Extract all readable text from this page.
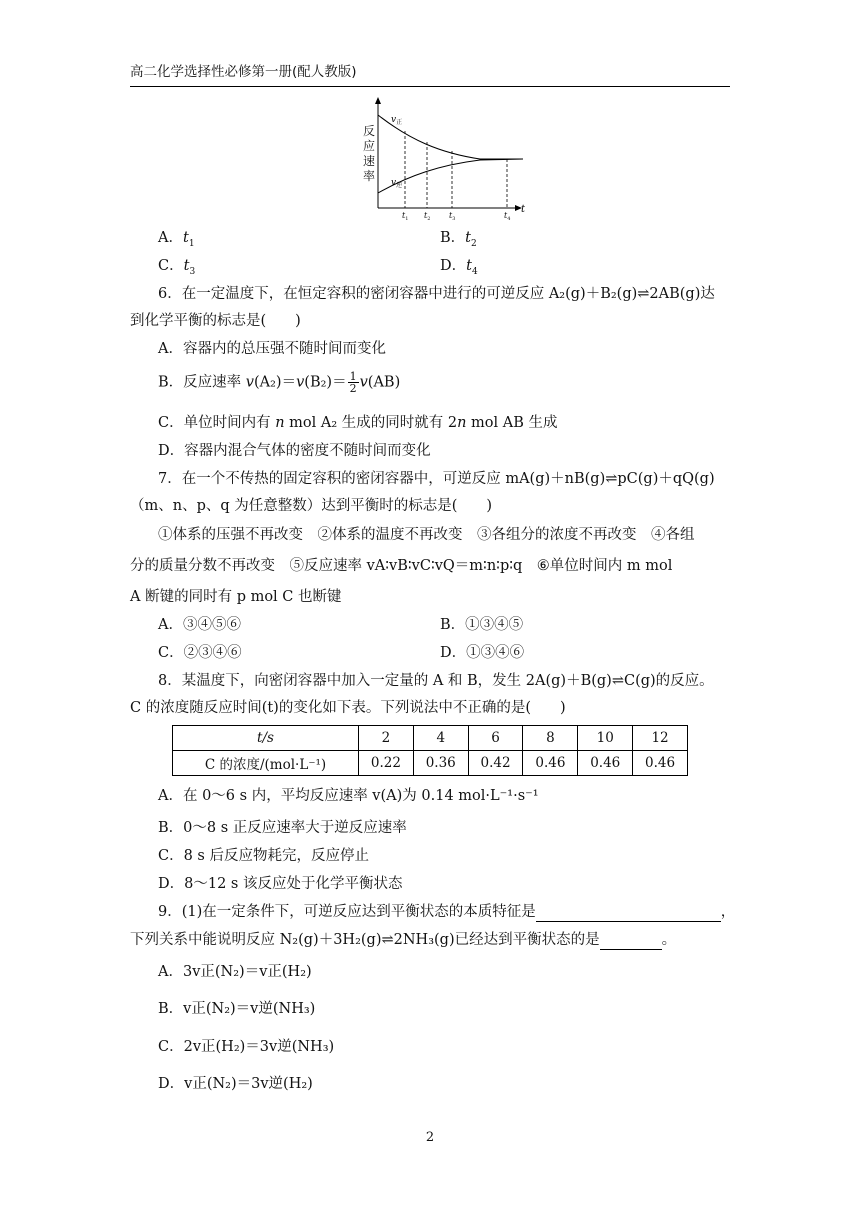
高二化学选择性必修第一册(配人教版)
反
应
速
率
t
$v_正$
$v_逆$
$t_1$ $t_2$ $t_3$	$t_4$
A．$t_1$	B．$t_2$
C．$t_3$	D．$t_4$
6．在一定温度下，在恒定容积的密闭容器中进行的可逆反应 A₂(g)＋B₂(g)⇌2AB(g)达
到化学平衡的标志是(　　)
A．容器内的总压强不随时间而变化
B．反应速率 $v(A_2)=v(B_2)= \frac{1}{2} v(AB)$
C．单位时间内有 n mol A₂ 生成的同时就有 2n mol AB 生成
D．容器内混合气体的密度不随时间而变化
7．在一个不传热的固定容积的密闭容器中，可逆反应 mA(g)＋nB(g)⇌pC(g)＋qQ(g)
（m、n、p、q 为任意整数）达到平衡时的标志是(　　)
①体系的压强不再改变　②体系的温度不再改变　③各组分的浓度不再改变　④各组
分的质量分数不再改变　⑤反应速率 vA∶vB∶vC∶vQ＝m∶n∶p∶q　⑥单位时间内 m mol
A 断键的同时有 p mol C 也断键
A．③④⑤⑥	B．①③④⑤
C．②③④⑥	D．①③④⑥
8．某温度下，向密闭容器中加入一定量的 A 和 B，发生 2A(g)＋B(g)⇌C(g)的反应。
C 的浓度随反应时间(t)的变化如下表。下列说法中不正确的是(　　)
t/s	2	4	6	8	10	12
C 的浓度/(mol·L⁻¹)	0.22	0.36	0.42	0.46	0.46	0.46
A．在 0～6 s 内，平均反应速率 v(A)为 0.14 mol·L⁻¹·s⁻¹
B．0～8 s 正反应速率大于逆反应速率
C．8 s 后反应物耗完，反应停止
D．8～12 s 该反应处于化学平衡状态
9．(1)在一定条件下，可逆反应达到平衡状态的本质特征是	，
下列关系中能说明反应 N₂(g)＋3H₂(g)⇌2NH₃(g)已经达到平衡状态的是	。
A．3v正(N₂)＝v正(H₂)
B．v正(N₂)＝v逆(NH₃)
C．2v正(H₂)＝3v逆(NH₃)
D．v正(N₂)＝3v逆(H₂)
2
